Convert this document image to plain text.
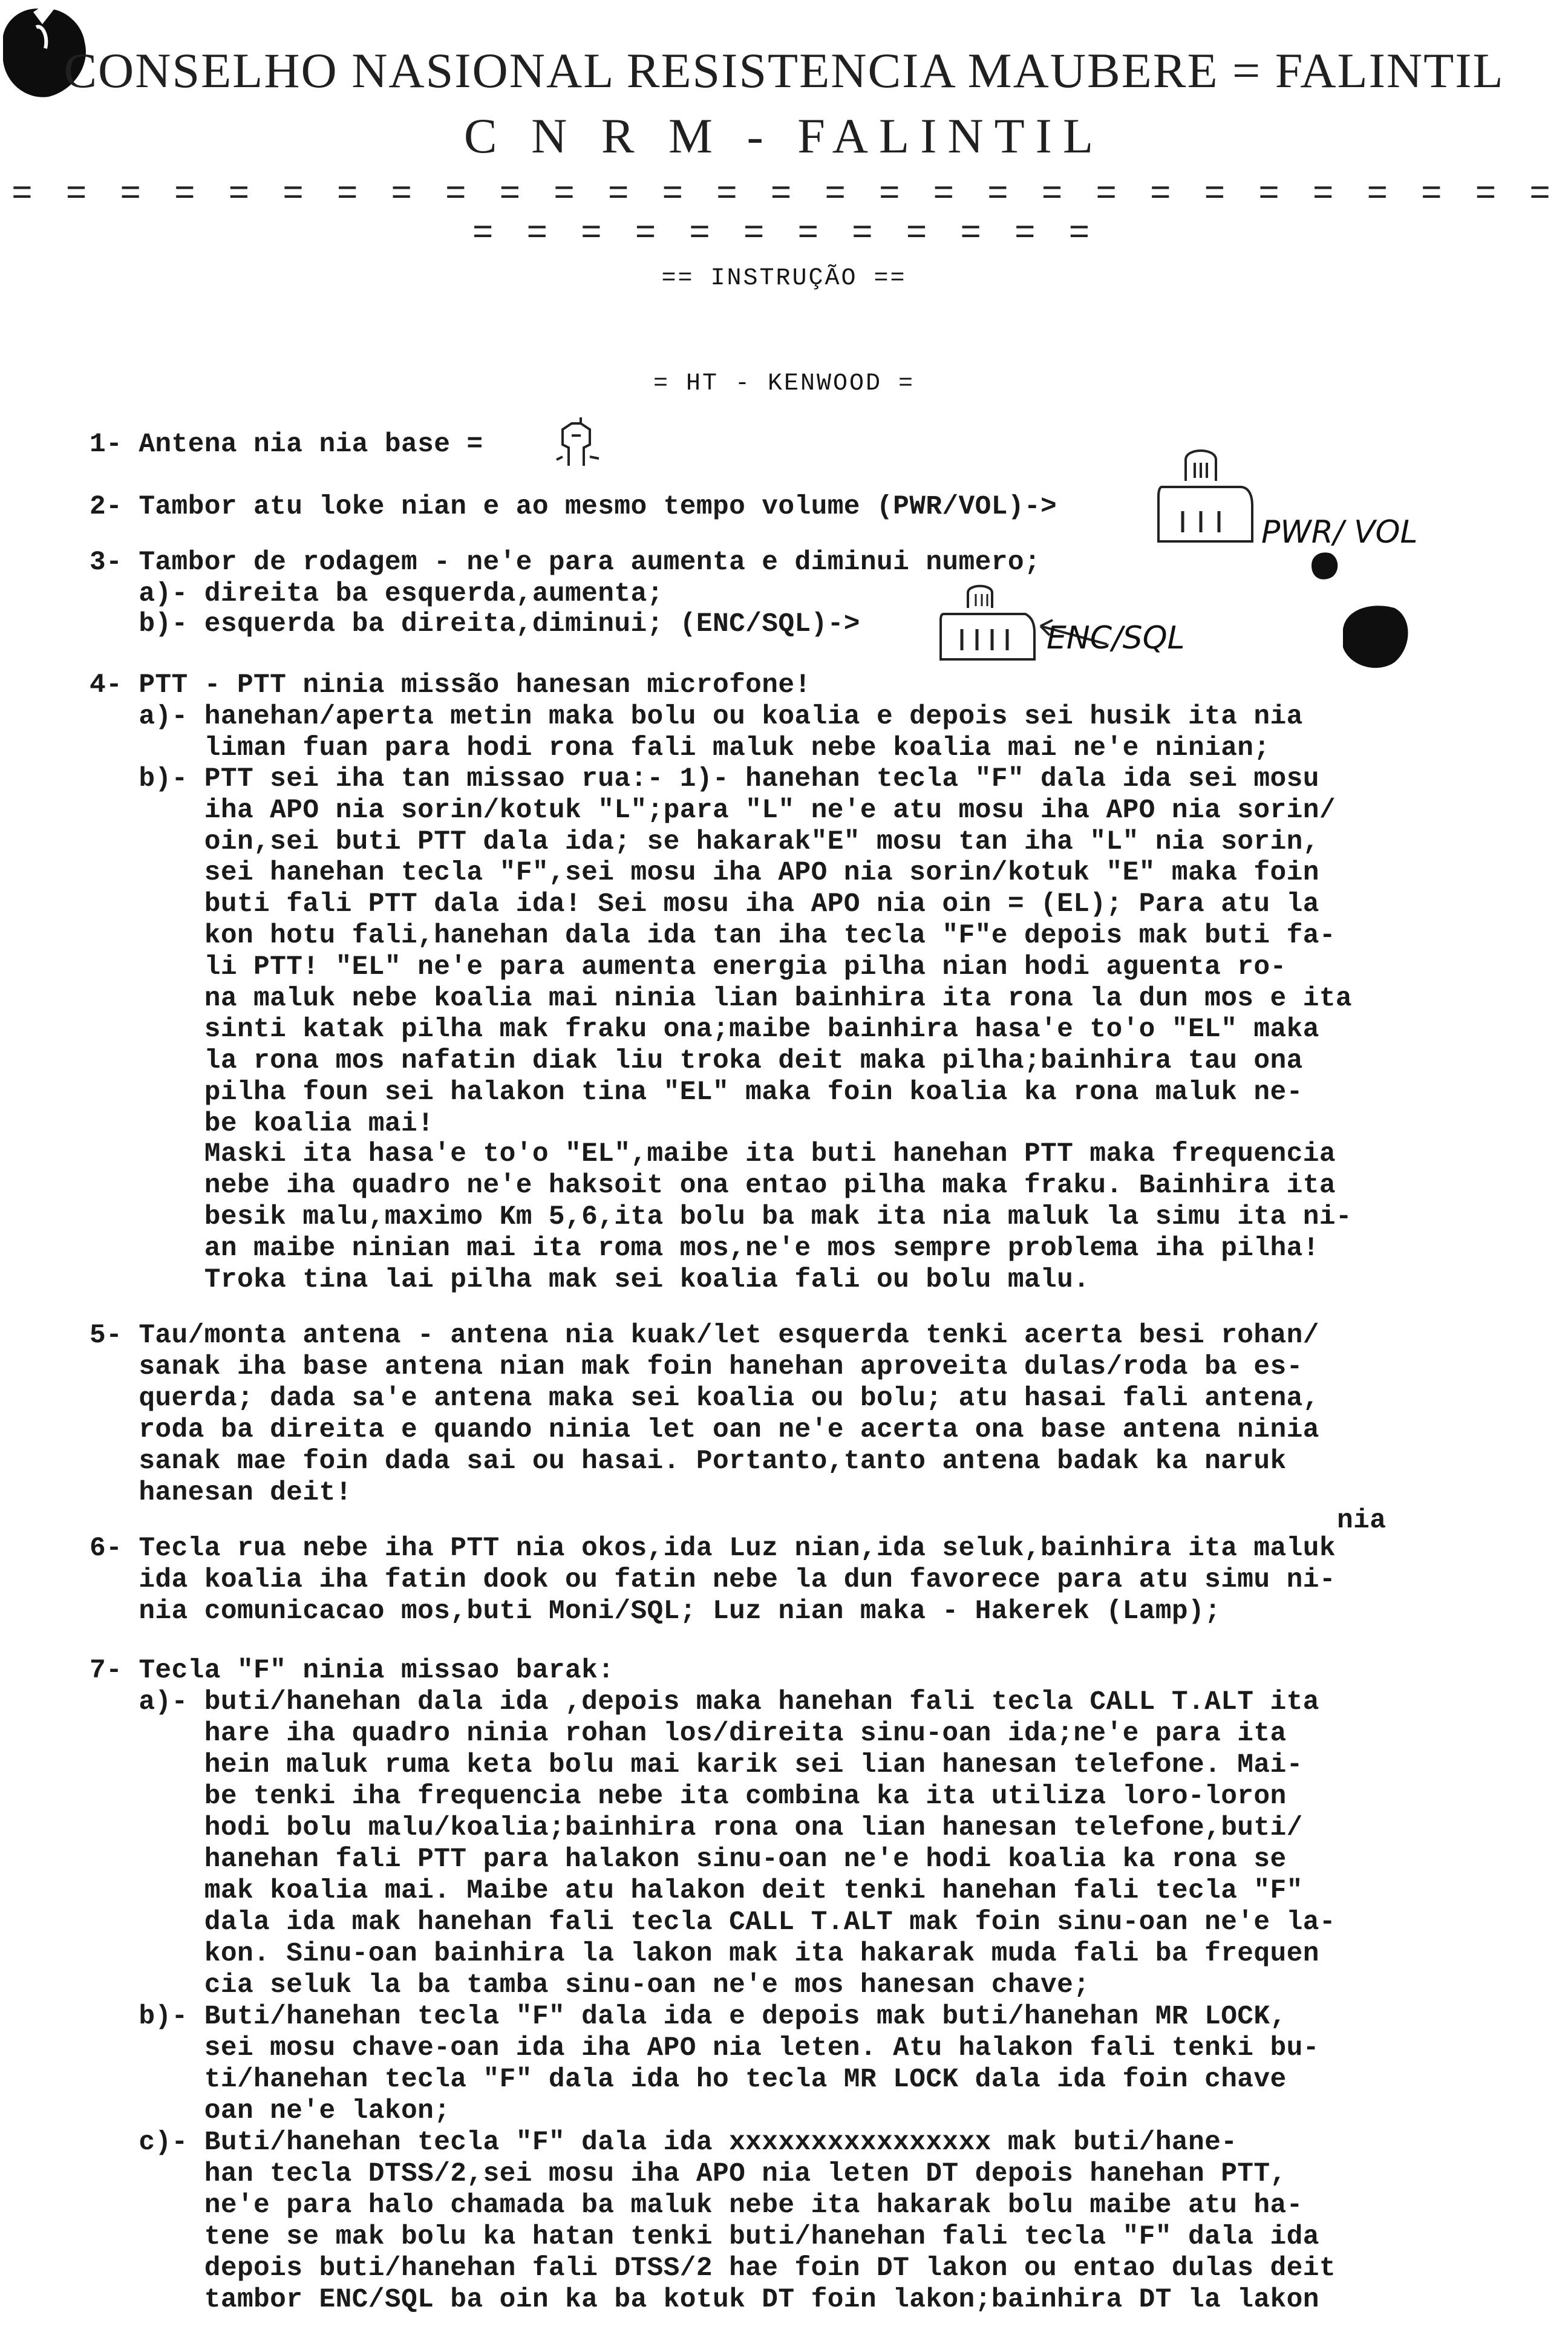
CONSELHO NASIONAL RESISTENCIA MAUBERE = FALINTIL
C N R M - FALINTIL
= = = = = = = = = = = = = = = = = = = = = = = = = = = = = = = = = = = = = = = = =
== INSTRUÇÃO ==
= HT - KENWOOD =
PWR/ VOL
ENC/SQL
1- Antena nia nia base =
2- Tambor atu loke nian e ao mesmo tempo volume (PWR/VOL)->
3- Tambor de rodagem - ne'e para aumenta e diminui numero;
a)- direita ba esquerda,aumenta;
b)- esquerda ba direita,diminui; (ENC/SQL)->
4- PTT - PTT ninia missão hanesan microfone!
a)- hanehan/aperta metin maka bolu ou koalia e depois sei husik ita nia
liman fuan para hodi rona fali maluk nebe koalia mai ne'e ninian;
b)- PTT sei iha tan missao rua:- 1)- hanehan tecla "F" dala ida sei mosu
iha APO nia sorin/kotuk "L";para "L" ne'e atu mosu iha APO nia sorin/
oin,sei buti PTT dala ida; se hakarak"E" mosu tan iha "L" nia sorin,
sei hanehan tecla "F",sei mosu iha APO nia sorin/kotuk "E" maka foin
buti fali PTT dala ida! Sei mosu iha APO nia oin = (EL); Para atu la
kon hotu fali,hanehan dala ida tan iha tecla "F"e depois mak buti fa-
li PTT! "EL" ne'e para aumenta energia pilha nian hodi aguenta ro-
na maluk nebe koalia mai ninia lian bainhira ita rona la dun mos e ita
sinti katak pilha mak fraku ona;maibe bainhira hasa'e to'o "EL" maka
la rona mos nafatin diak liu troka deit maka pilha;bainhira tau ona
pilha foun sei halakon tina "EL" maka foin koalia ka rona maluk ne-
be koalia mai!
Maski ita hasa'e to'o "EL",maibe ita buti hanehan PTT maka frequencia
nebe iha quadro ne'e haksoit ona entao pilha maka fraku. Bainhira ita
besik malu,maximo Km 5,6,ita bolu ba mak ita nia maluk la simu ita ni-
an maibe ninian mai ita roma mos,ne'e mos sempre problema iha pilha!
Troka tina lai pilha mak sei koalia fali ou bolu malu.
5- Tau/monta antena - antena nia kuak/let esquerda tenki acerta besi rohan/
sanak iha base antena nian mak foin hanehan aproveita dulas/roda ba es-
querda; dada sa'e antena maka sei koalia ou bolu; atu hasai fali antena,
roda ba direita e quando ninia let oan ne'e acerta ona base antena ninia
sanak mae foin dada sai ou hasai. Portanto,tanto antena badak ka naruk
hanesan deit!
nia
6- Tecla rua nebe iha PTT nia okos,ida Luz nian,ida seluk,bainhira ita maluk
ida koalia iha fatin dook ou fatin nebe la dun favorece para atu simu ni-
nia comunicacao mos,buti Moni/SQL; Luz nian maka - Hakerek (Lamp);
7- Tecla "F" ninia missao barak:
a)- buti/hanehan dala ida ,depois maka hanehan fali tecla CALL T.ALT ita
hare iha quadro ninia rohan los/direita sinu-oan ida;ne'e para ita
hein maluk ruma keta bolu mai karik sei lian hanesan telefone. Mai-
be tenki iha frequencia nebe ita combina ka ita utiliza loro-loron
hodi bolu malu/koalia;bainhira rona ona lian hanesan telefone,buti/
hanehan fali PTT para halakon sinu-oan ne'e hodi koalia ka rona se
mak koalia mai. Maibe atu halakon deit tenki hanehan fali tecla "F"
dala ida mak hanehan fali tecla CALL T.ALT mak foin sinu-oan ne'e la-
kon. Sinu-oan bainhira la lakon mak ita hakarak muda fali ba frequen
cia seluk la ba tamba sinu-oan ne'e mos hanesan chave;
b)- Buti/hanehan tecla "F" dala ida e depois mak buti/hanehan MR LOCK,
sei mosu chave-oan ida iha APO nia leten. Atu halakon fali tenki bu-
ti/hanehan tecla "F" dala ida ho tecla MR LOCK dala ida foin chave
oan ne'e lakon;
c)- Buti/hanehan tecla "F" dala ida xxxxxxxxxxxxxxxx mak buti/hane-
han tecla DTSS/2,sei mosu iha APO nia leten DT depois hanehan PTT,
ne'e para halo chamada ba maluk nebe ita hakarak bolu maibe atu ha-
tene se mak bolu ka hatan tenki buti/hanehan fali tecla "F" dala ida
depois buti/hanehan fali DTSS/2 hae foin DT lakon ou entao dulas deit
tambor ENC/SQL ba oin ka ba kotuk DT foin lakon;bainhira DT la lakon
